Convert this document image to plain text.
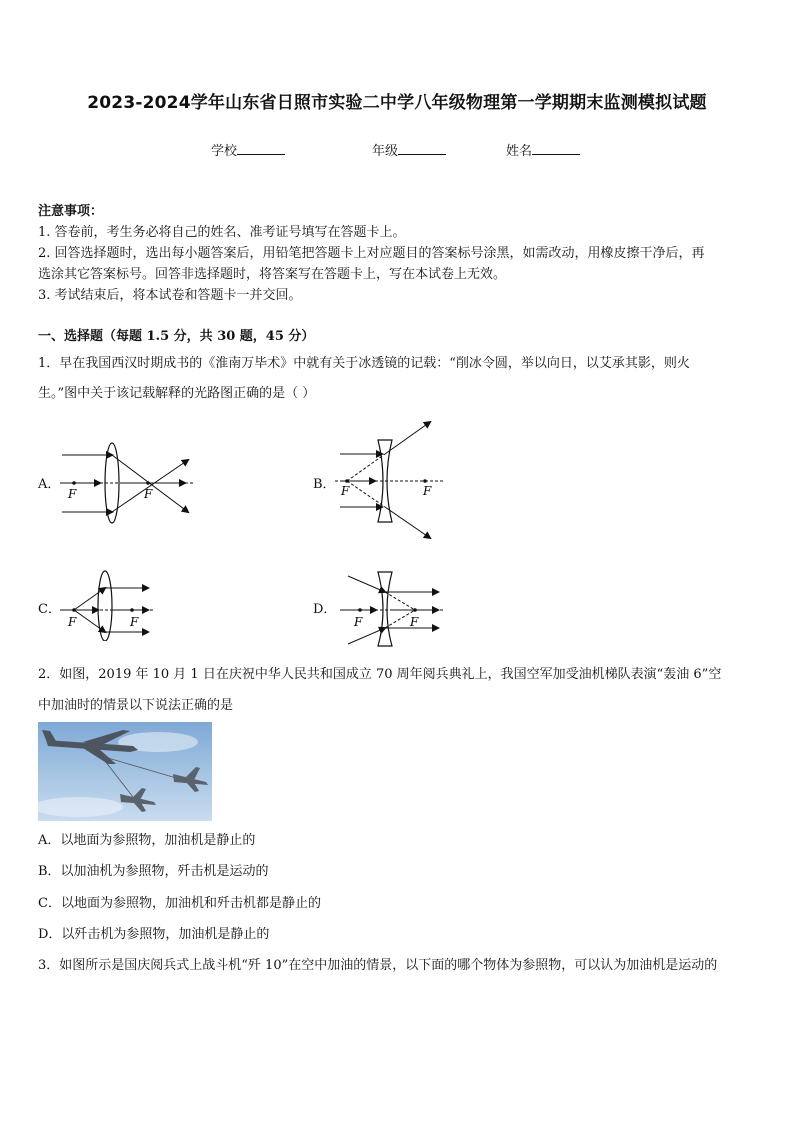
2023-2024学年山东省日照市实验二中学八年级物理第一学期期末监测模拟试题
学校	年级	姓名
注意事项：
1. 答卷前，考生务必将自己的姓名、准考证号填写在答题卡上。
2. 回答选择题时，选出每小题答案后，用铅笔把答题卡上对应题目的答案标号涂黑，如需改动，用橡皮擦干净后，再
选涂其它答案标号。回答非选择题时，将答案写在答题卡上，写在本试卷上无效。
3. 考试结束后，将本试卷和答题卡一并交回。
一、选择题（每题 1.5 分，共 30 题，45 分）
1．早在我国西汉时期成书的《淮南万毕术》中就有关于冰透镜的记载：“削冰令圆，举以向日，以艾承其影，则火
生。”图中关于该记载解释的光路图正确的是（ ）
A．
F	F
B． F	F
C．
F	F
D．
F	F
2．如图，2019 年 10 月 1 日在庆祝中华人民共和国成立 70 周年阅兵典礼上，我国空军加受油机梯队表演“轰油 6”空
中加油时的情景以下说法正确的是
A．以地面为参照物，加油机是静止的
B．以加油机为参照物，歼击机是运动的
C．以地面为参照物，加油机和歼击机都是静止的
D．以歼击机为参照物，加油机是静止的
3．如图所示是国庆阅兵式上战斗机“歼 10”在空中加油的情景，以下面的哪个物体为参照物，可以认为加油机是运动的
